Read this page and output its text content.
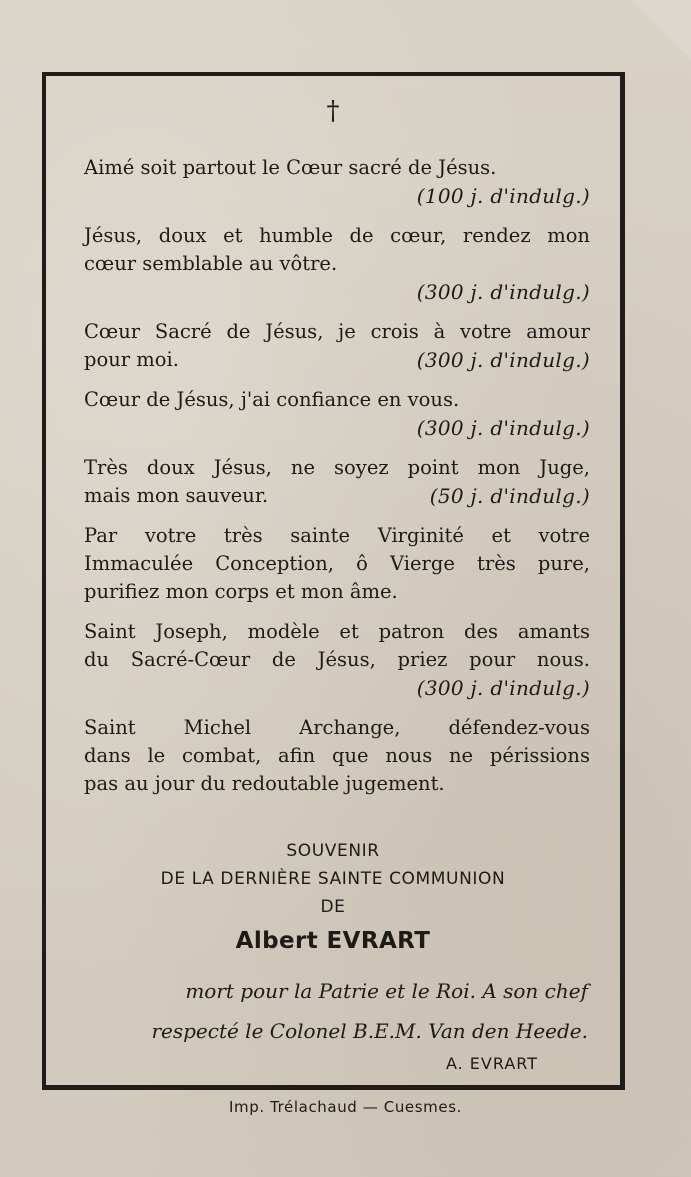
†
Aimé soit partout le Cœur sacré de Jésus.
(100 j. d'indulg.)
Jésus, doux et humble de cœur, rendez mon
cœur semblable au vôtre.
(300 j. d'indulg.)
Cœur Sacré de Jésus, je crois à votre amour
pour moi.	(300 j. d'indulg.)
Cœur de Jésus, j'ai confiance en vous.
(300 j. d'indulg.)
Très doux Jésus, ne soyez point mon Juge,
mais mon sauveur.	(50 j. d'indulg.)
Par votre très sainte Virginité et votre
Immaculée Conception, ô Vierge très pure,
purifiez mon corps et mon âme.
Saint Joseph, modèle et patron des amants
du Sacré-Cœur de Jésus, priez pour nous.
(300 j. d'indulg.)
Saint Michel Archange, défendez-vous
dans le combat, afin que nous ne périssions
pas au jour du redoutable jugement.
SOUVENIR
DE LA DERNIÈRE SAINTE COMMUNION
DE
Albert EVRART
mort pour la Patrie et le Roi. A son chef
respecté le Colonel B.E.M. Van den Heede.
A. EVRART
Imp. Trélachaud — Cuesmes.
